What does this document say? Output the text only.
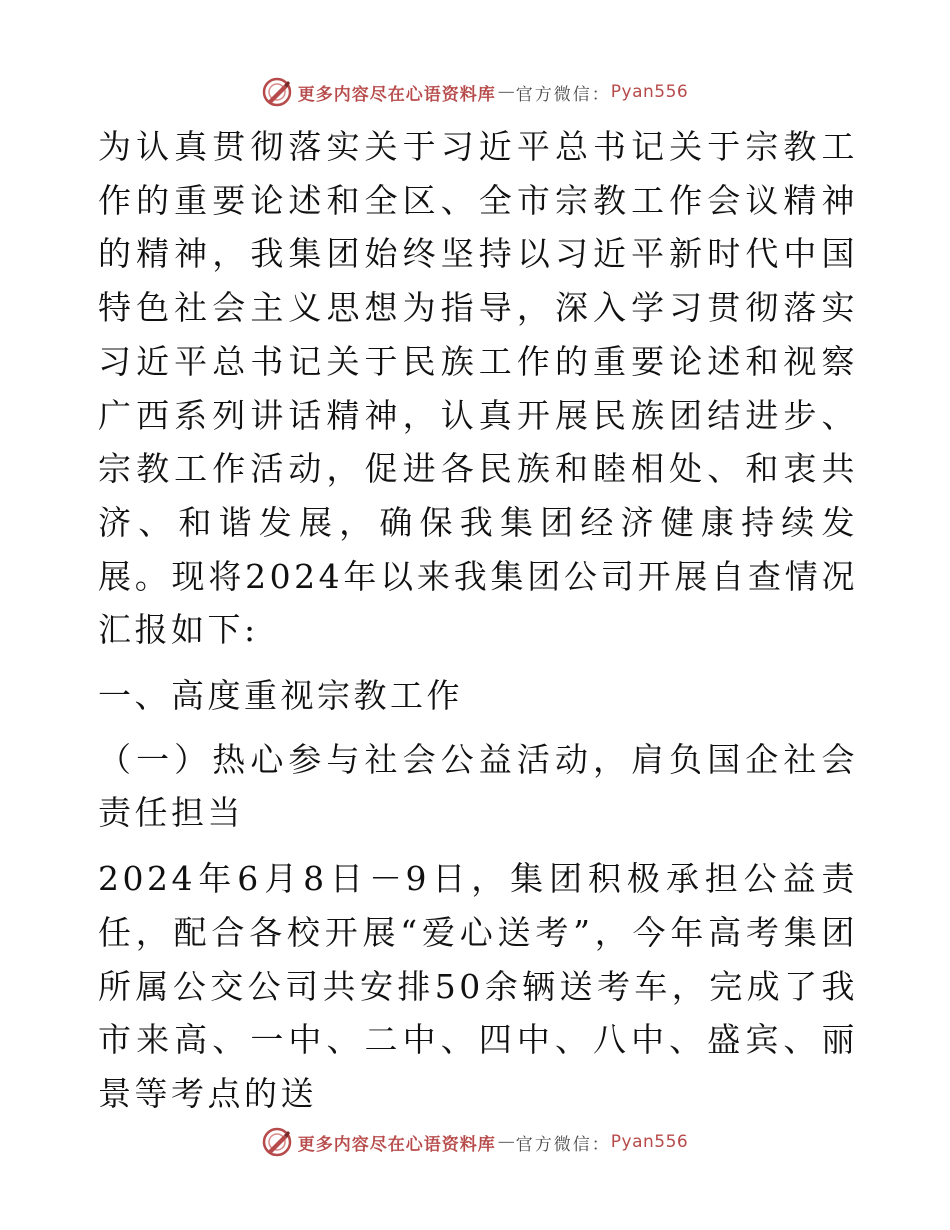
更多内容尽在心语资料库 — 官方微信： Pyan556

为认真贯彻落实关于习近平总书记关于宗教工作的重要论述和全区、全市宗教工作会议精神的精神，我集团始终坚持以习近平新时代中国特色社会主义思想为指导，深入学习贯彻落实习近平总书记关于民族工作的重要论述和视察广西系列讲话精神，认真开展民族团结进步、宗教工作活动，促进各民族和睦相处、和衷共济、和谐发展，确保我集团经济健康持续发展。现将2024年以来我集团公司开展自查情况汇报如下:

一、高度重视宗教工作

（一）热心参与社会公益活动，肩负国企社会责任担当

2024年6月8日－9日，集团积极承担公益责任，配合各校开展“爱心送考”，今年高考集团所属公交公司共安排50余辆送考车，完成了我市来高、一中、二中、四中、八中、盛宾、丽景等考点的送

更多内容尽在心语资料库 — 官方微信： Pyan556
